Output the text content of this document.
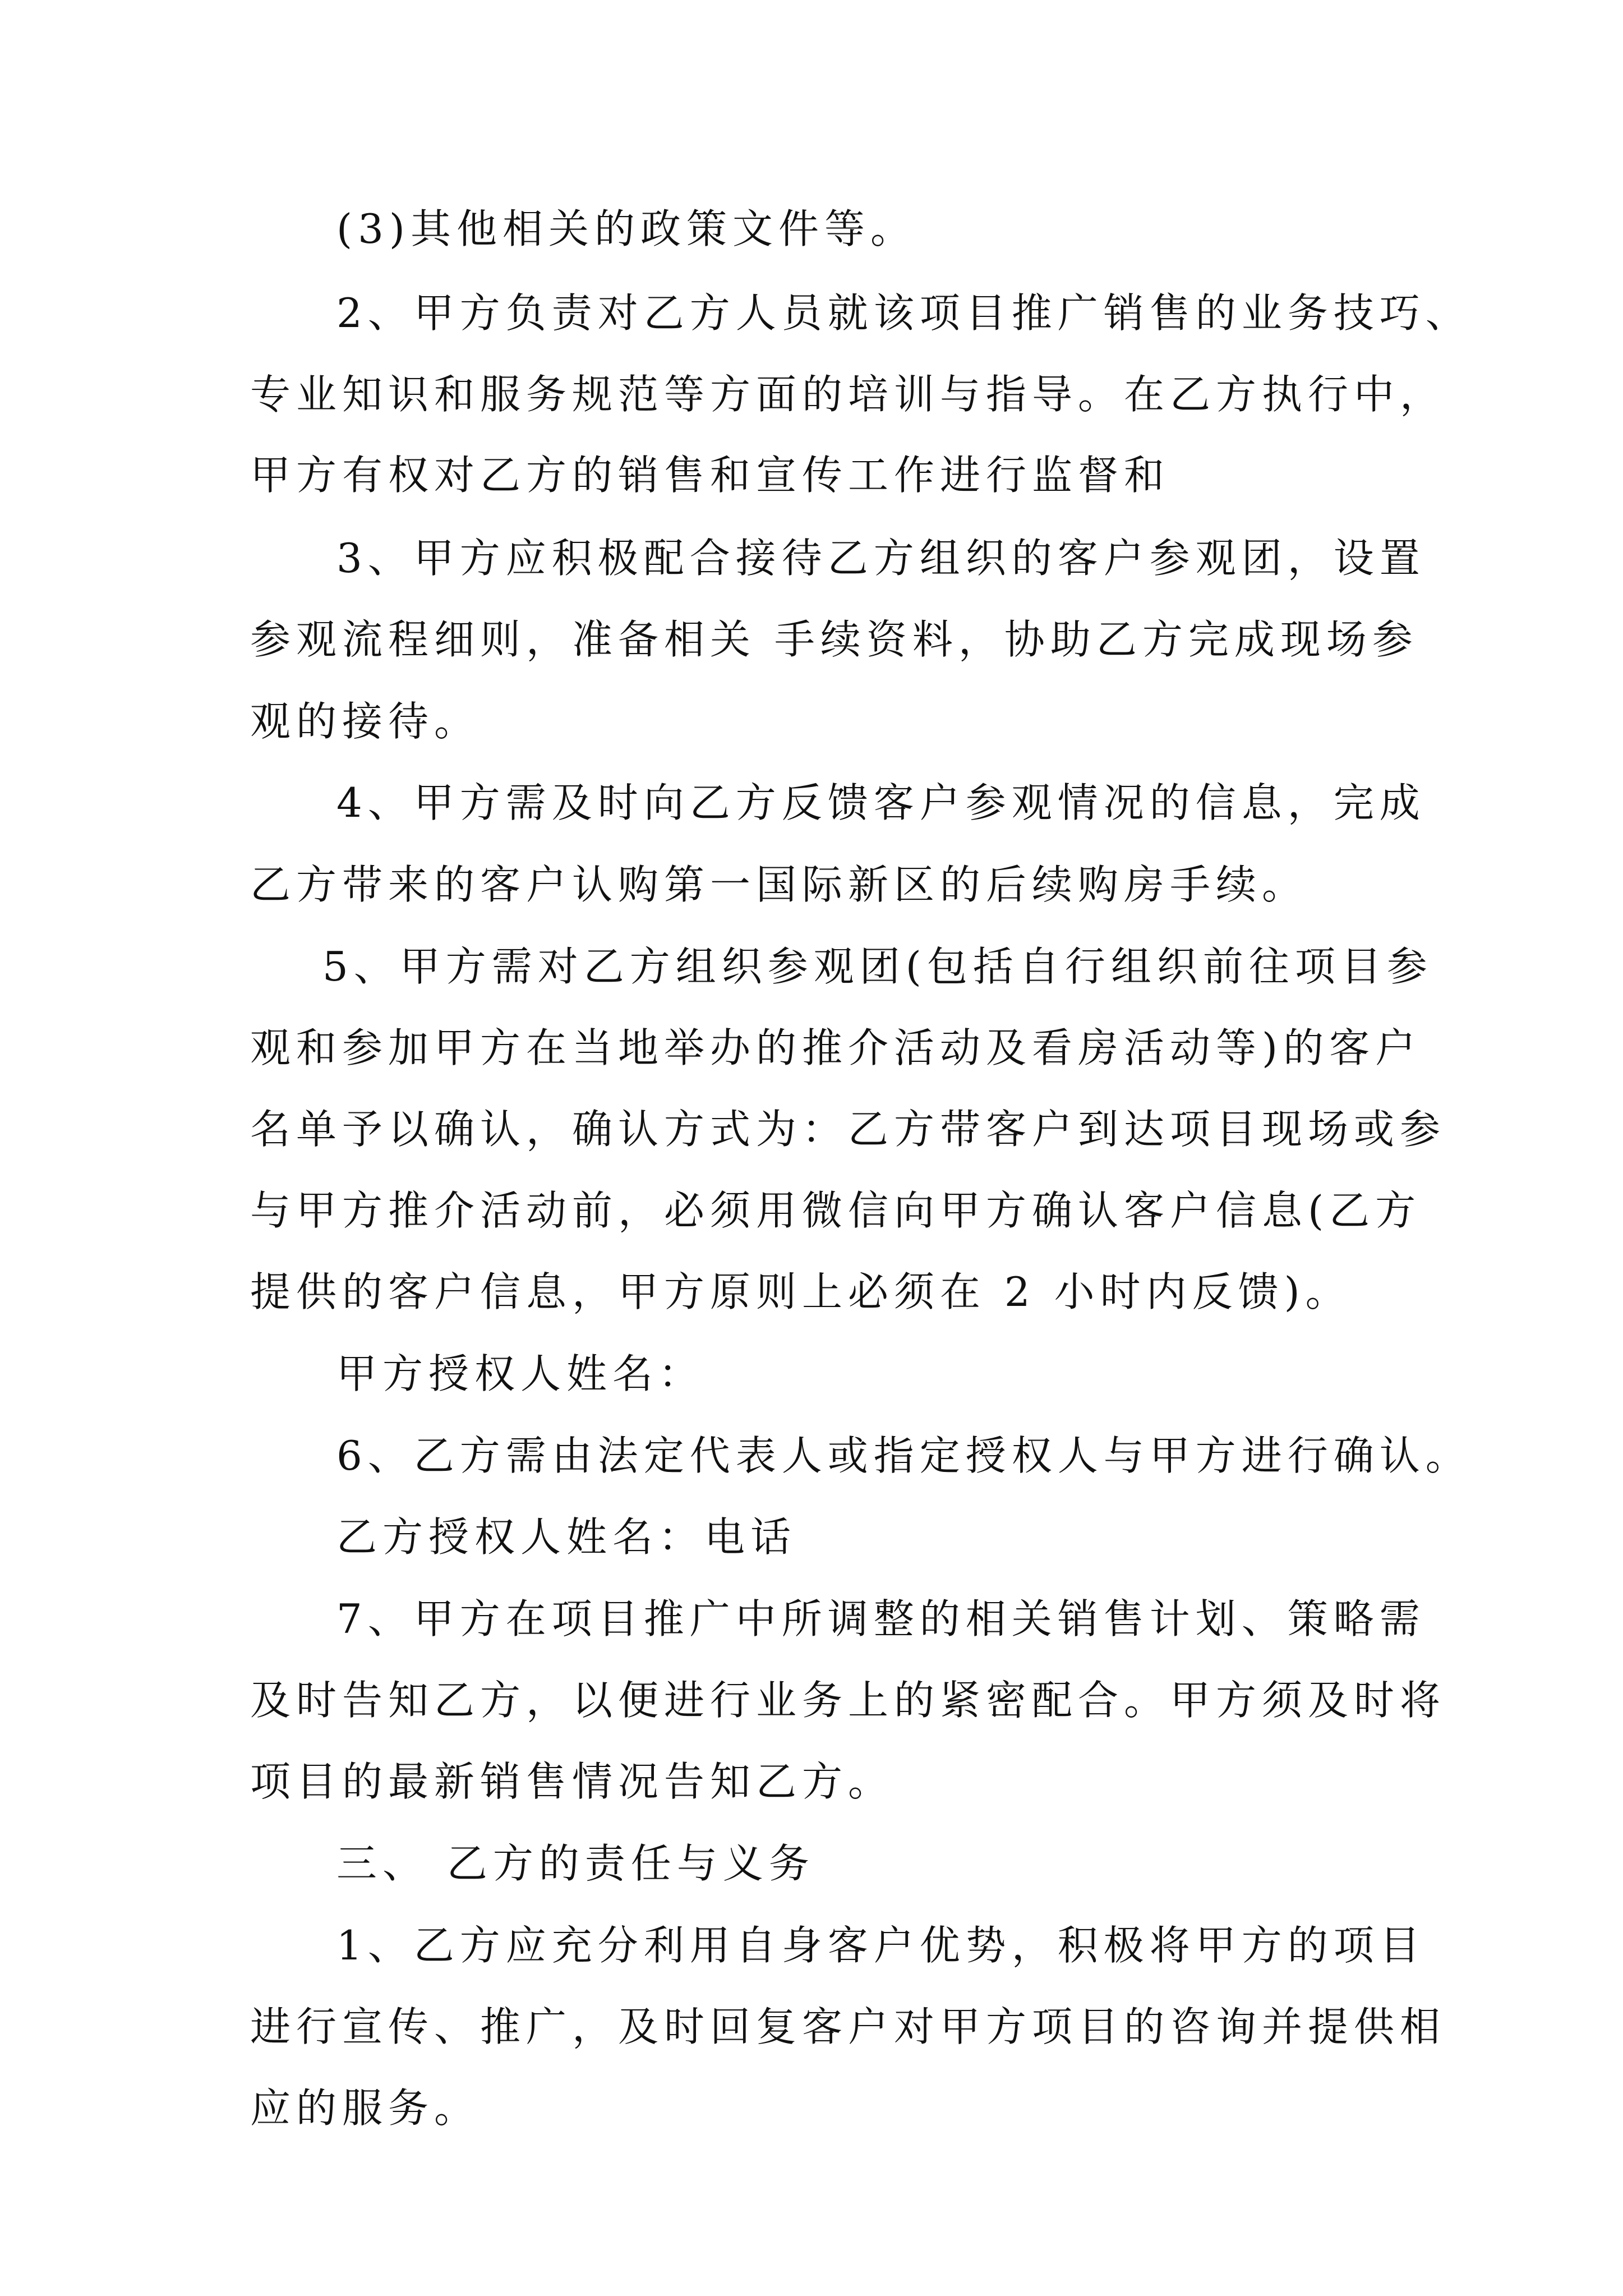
(3)其他相关的政策文件等。
2、甲方负责对乙方人员就该项目推广销售的业务技巧、
专业知识和服务规范等方面的培训与指导。在乙方执行中，
甲方有权对乙方的销售和宣传工作进行监督和
3、甲方应积极配合接待乙方组织的客户参观团，设置
参观流程细则，准备相关 手续资料，协助乙方完成现场参
观的接待。
4、甲方需及时向乙方反馈客户参观情况的信息，完成
乙方带来的客户认购第一国际新区的后续购房手续。
5、甲方需对乙方组织参观团(包括自行组织前往项目参
观和参加甲方在当地举办的推介活动及看房活动等)的客户
名单予以确认，确认方式为：乙方带客户到达项目现场或参
与甲方推介活动前，必须用微信向甲方确认客户信息(乙方
提供的客户信息，甲方原则上必须在 2 小时内反馈)。
甲方授权人姓名：
6、乙方需由法定代表人或指定授权人与甲方进行确认。
乙方授权人姓名：电话
7、甲方在项目推广中所调整的相关销售计划、策略需
及时告知乙方，以便进行业务上的紧密配合。甲方须及时将
项目的最新销售情况告知乙方。
三、 乙方的责任与义务
1、乙方应充分利用自身客户优势，积极将甲方的项目
进行宣传、推广，及时回复客户对甲方项目的咨询并提供相
应的服务。
